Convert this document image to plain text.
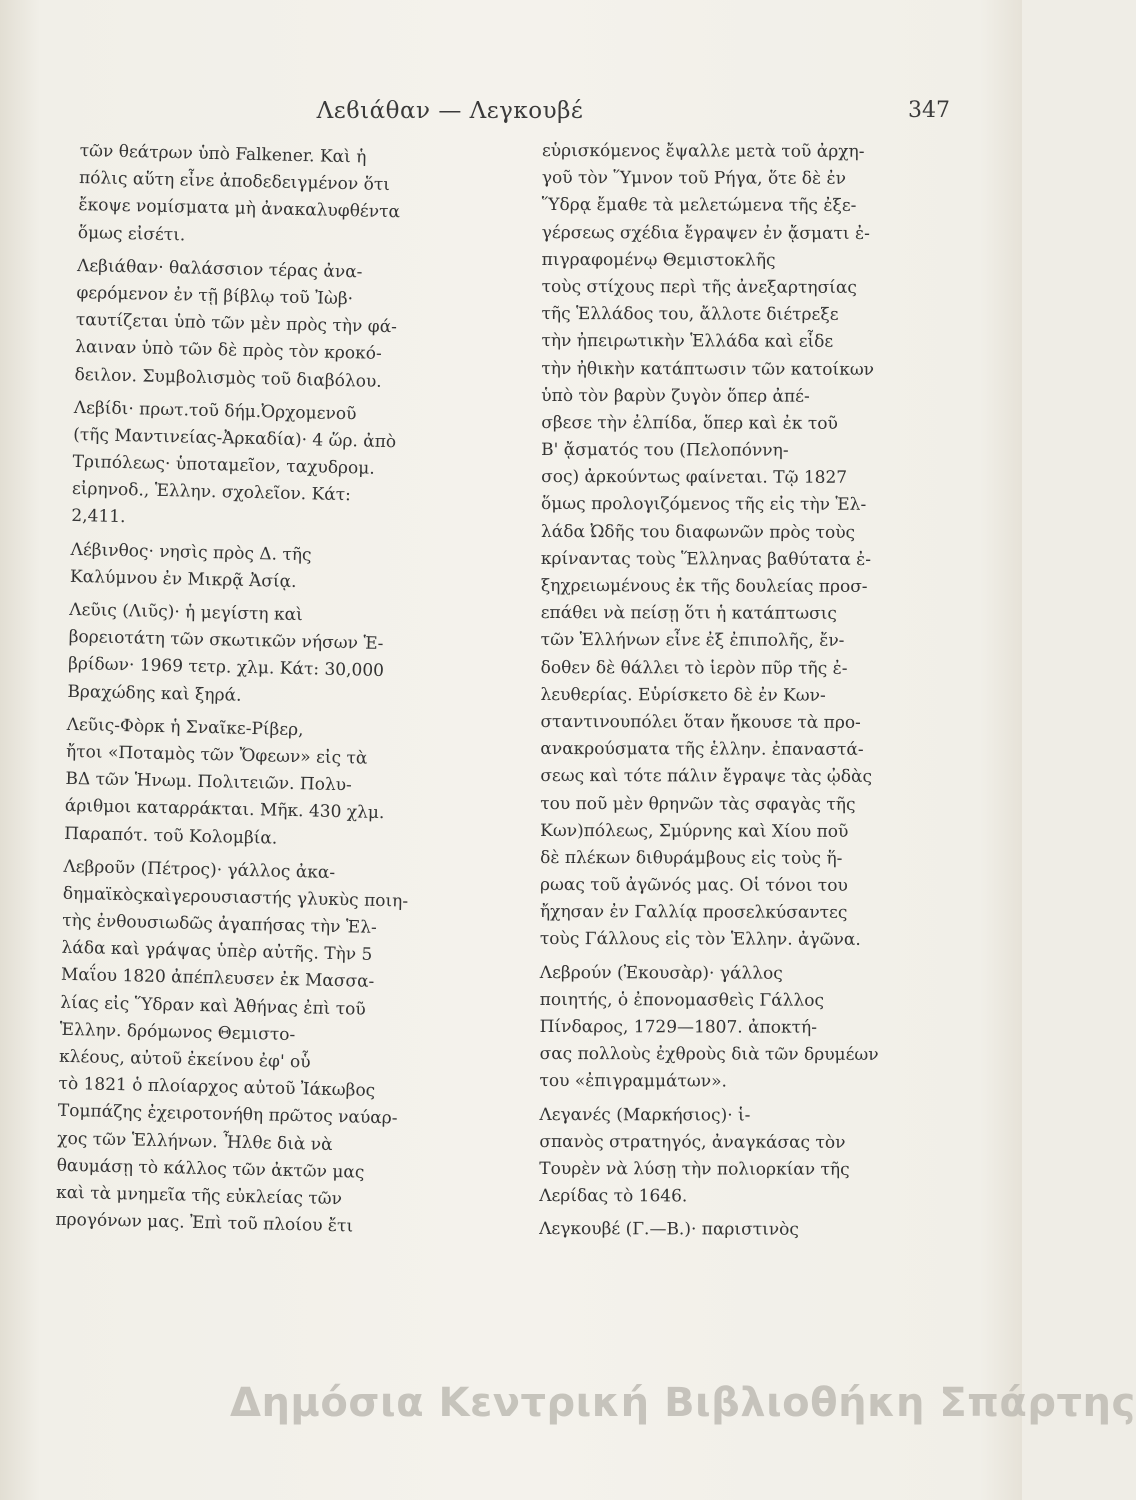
Λεϐιάθαν — Λεγκουβέ	347
τῶν θεάτρων ὑπὸ Falkener. Καὶ ἡ
πόλις αὕτη εἶνε ἀποδεδειγμένον ὅτι
ἔκοψε νομίσματα μὴ ἀνακαλυφθέντα
ὅμως εἰσέτι.
Λεβιάθαν· θαλάσσιον τέρας ἀνα-
φερόμενον ἐν τῇ βίβλῳ τοῦ Ἰὼβ·
ταυτίζεται ὑπὸ τῶν μὲν πρὸς τὴν φά-
λαιναν ὑπὸ τῶν δὲ πρὸς τὸν κροκό-
δειλον. Συμβολισμὸς τοῦ διαβόλου.
Λεβίδι· πρωτ.τοῦ δήμ.Ὀρχομενοῦ
(τῆς Μαντινείας-Ἀρκαδία)· 4 ὥρ. ἀπὸ
Τριπόλεως· ὑποταμεῖον, ταχυδρομ.
εἰρηνοδ., Ἑλλην. σχολεῖον. Κάτ:
2,411.
Λέβινθος· νησὶς πρὸς Δ. τῆς
Καλύμνου ἐν Μικρᾷ Ἀσίᾳ.
Λεῦις (Λιῦς)· ἡ μεγίστη καὶ
βορειοτάτη τῶν σκωτικῶν νήσων Ἑ-
βρίδων· 1969 τετρ. χλμ. Κάτ: 30,000
Βραχώδης καὶ ξηρά.
Λεῦις-Φὸρκ ἡ Σναῖκε-Ρίβερ,
ἤτοι «Ποταμὸς τῶν Ὄφεων» εἰς τὰ
ΒΔ τῶν Ἡνωμ. Πολιτειῶν. Πολυ-
άριθμοι καταρράκται. Μῆκ. 430 χλμ.
Παραπότ. τοῦ Κολομβία.
Λεβροῦν (Πέτρος)· γάλλος ἀκα-
δημαϊκὸςκαὶγερουσιαστής γλυκὺς ποιη-
τὴς ἐνθουσιωδῶς ἀγαπήσας τὴν Ἑλ-
λάδα καὶ γράψας ὑπὲρ αὐτῆς. Τὴν 5
Μαΐου 1820 ἀπέπλευσεν ἐκ Μασσα-
λίας εἰς Ὕδραν καὶ Ἀθήνας ἐπὶ τοῦ
Ἑλλην. δρόμωνος Θεμιστο-
κλέους, αὐτοῦ ἐκείνου ἐφ' οὗ
τὸ 1821 ὁ πλοίαρχος αὐτοῦ Ἰάκωβος
Τομπάζης ἐχειροτονήθη πρῶτος ναύαρ-
χος τῶν Ἑλλήνων. Ἦλθε διὰ νὰ
θαυμάσῃ τὸ κάλλος τῶν ἀκτῶν μας
καὶ τὰ μνημεῖα τῆς εὐκλείας τῶν
προγόνων μας. Ἐπὶ τοῦ πλοίου ἔτι
εὑρισκόμενος ἔψαλλε μετὰ τοῦ ἀρχη-
γοῦ τὸν Ὕμνον τοῦ Ρήγα, ὅτε δὲ ἐν
Ὕδρᾳ ἔμαθε τὰ μελετώμενα τῆς ἐξε-
γέρσεως σχέδια ἔγραψεν ἐν ᾄσματι ἐ-
πιγραφομένῳ Θεμιστοκλῆς
τοὺς στίχους περὶ τῆς ἀνεξαρτησίας
τῆς Ἑλλάδος του, ἄλλοτε διέτρεξε
τὴν ἠπειρωτικὴν Ἑλλάδα καὶ εἶδε
τὴν ἠθικὴν κατάπτωσιν τῶν κατοίκων
ὑπὸ τὸν βαρὺν ζυγὸν ὅπερ ἀπέ-
σβεσε τὴν ἐλπίδα, ὅπερ καὶ ἐκ τοῦ
Β' ᾄσματός του (Πελοπόννη-
σος) ἀρκούντως φαίνεται. Τῷ 1827
ὅμως προλογιζόμενος τῆς εἰς τὴν Ἑλ-
λάδα Ὠδῆς του διαφωνῶν πρὸς τοὺς
κρίναντας τοὺς Ἕλληνας βαθύτατα ἐ-
ξηχρειωμένους ἐκ τῆς δουλείας προσ-
επάθει νὰ πείσῃ ὅτι ἡ κατάπτωσις
τῶν Ἑλλήνων εἶνε ἐξ ἐπιπολῆς, ἔν-
δοθεν δὲ θάλλει τὸ ἱερὸν πῦρ τῆς ἐ-
λευθερίας. Εὑρίσκετο δὲ ἐν Κων-
σταντινουπόλει ὅταν ἤκουσε τὰ προ-
ανακρούσματα τῆς ἑλλην. ἐπαναστά-
σεως καὶ τότε πάλιν ἔγραψε τὰς ᾠδὰς
του ποῦ μὲν θρηνῶν τὰς σφαγὰς τῆς
Κων)πόλεως, Σμύρνης καὶ Χίου ποῦ
δὲ πλέκων διθυράμβους εἰς τοὺς ἥ-
ρωας τοῦ ἀγῶνός μας. Οἱ τόνοι του
ἤχησαν ἐν Γαλλίᾳ προσελκύσαντες
τοὺς Γάλλους εἰς τὸν Ἑλλην. ἀγῶνα.
Λεβρούν (Ἐκουσὰρ)· γάλλος
ποιητής, ὁ ἐπονομασθεὶς Γάλλος
Πίνδαρος, 1729—1807. ἀποκτή-
σας πολλοὺς ἐχθροὺς διὰ τῶν δρυμέων
του «ἐπιγραμμάτων».
Λεγανές (Μαρκήσιος)· ἱ-
σπανὸς στρατηγός, ἀναγκάσας τὸν
Τουρὲν νὰ λύσῃ τὴν πολιορκίαν τῆς
Λερίδας τὸ 1646.
Λεγκουβέ (Γ.—Β.)· παριστινὸς
Δημόσια Κεντρική Βιβλιοθήκη Σπάρτης
